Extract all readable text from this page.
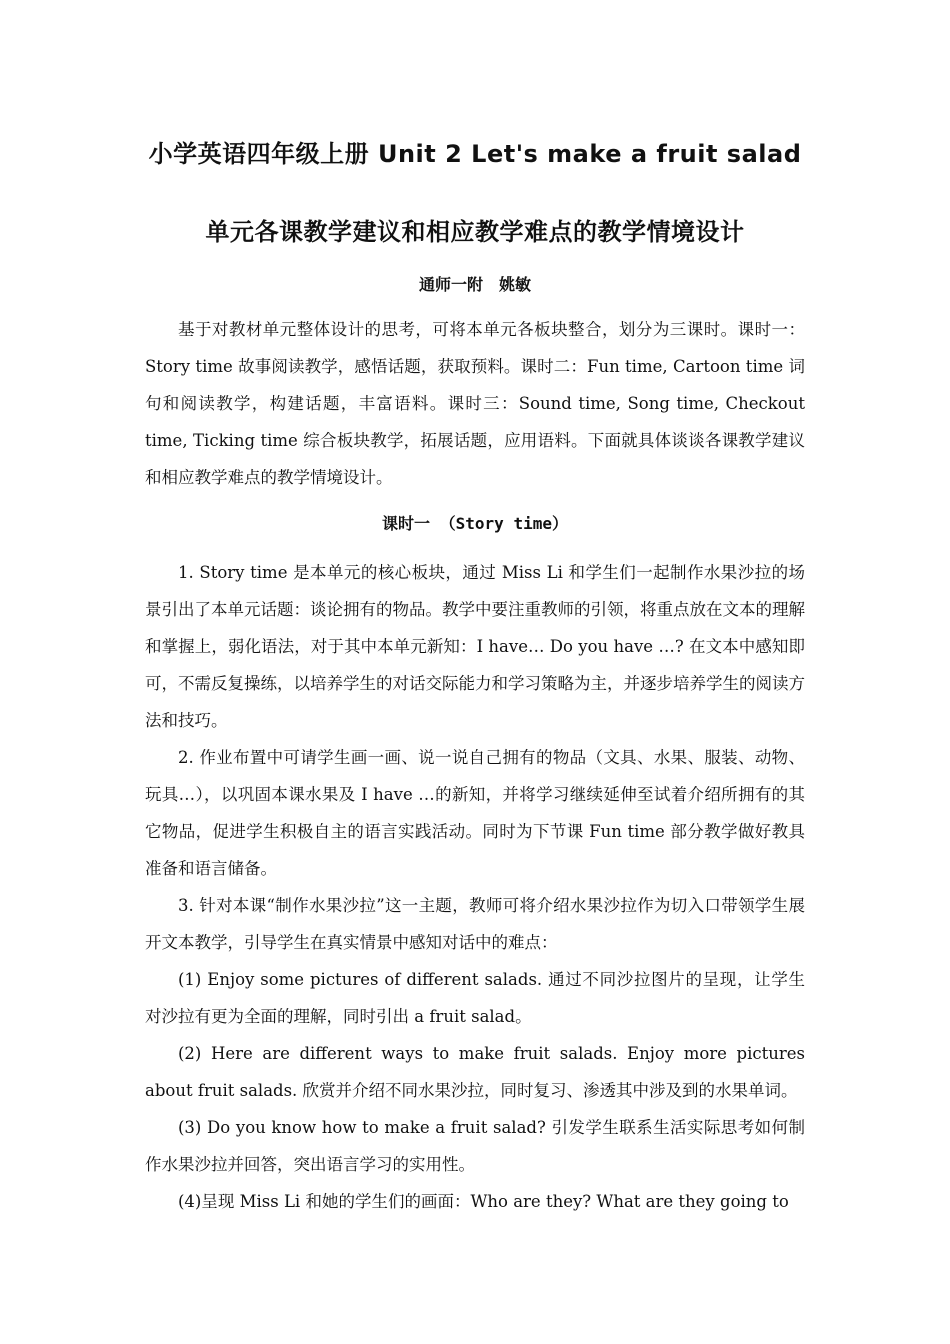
小学英语四年级上册 Unit 2 Let's make a fruit salad
单元各课教学建议和相应教学难点的教学情境设计

通师一附　姚敏

基于对教材单元整体设计的思考，可将本单元各板块整合，划分为三课时。课时一：Story time 故事阅读教学，感悟话题，获取预料。课时二：Fun time, Cartoon time 词句和阅读教学，构建话题，丰富语料。课时三：Sound time, Song time, Checkout time, Ticking time 综合板块教学，拓展话题，应用语料。下面就具体谈谈各课教学建议和相应教学难点的教学情境设计。

课时一 （Story time）

1. Story time 是本单元的核心板块，通过 Miss Li 和学生们一起制作水果沙拉的场景引出了本单元话题：谈论拥有的物品。教学中要注重教师的引领，将重点放在文本的理解和掌握上，弱化语法，对于其中本单元新知：I have… Do you have …? 在文本中感知即可，不需反复操练，以培养学生的对话交际能力和学习策略为主，并逐步培养学生的阅读方法和技巧。

2. 作业布置中可请学生画一画、说一说自己拥有的物品（文具、水果、服装、动物、玩具…），以巩固本课水果及 I have …的新知，并将学习继续延伸至试着介绍所拥有的其它物品，促进学生积极自主的语言实践活动。同时为下节课 Fun time 部分教学做好教具准备和语言储备。

3. 针对本课“制作水果沙拉”这一主题，教师可将介绍水果沙拉作为切入口带领学生展开文本教学，引导学生在真实情景中感知对话中的难点：

(1) Enjoy some pictures of different salads. 通过不同沙拉图片的呈现，让学生对沙拉有更为全面的理解，同时引出 a fruit salad。

(2) Here are different ways to make fruit salads. Enjoy more pictures about fruit salads. 欣赏并介绍不同水果沙拉，同时复习、渗透其中涉及到的水果单词。

(3) Do you know how to make a fruit salad? 引发学生联系生活实际思考如何制作水果沙拉并回答，突出语言学习的实用性。

(4)呈现 Miss Li 和她的学生们的画面：Who are they? What are they going to
